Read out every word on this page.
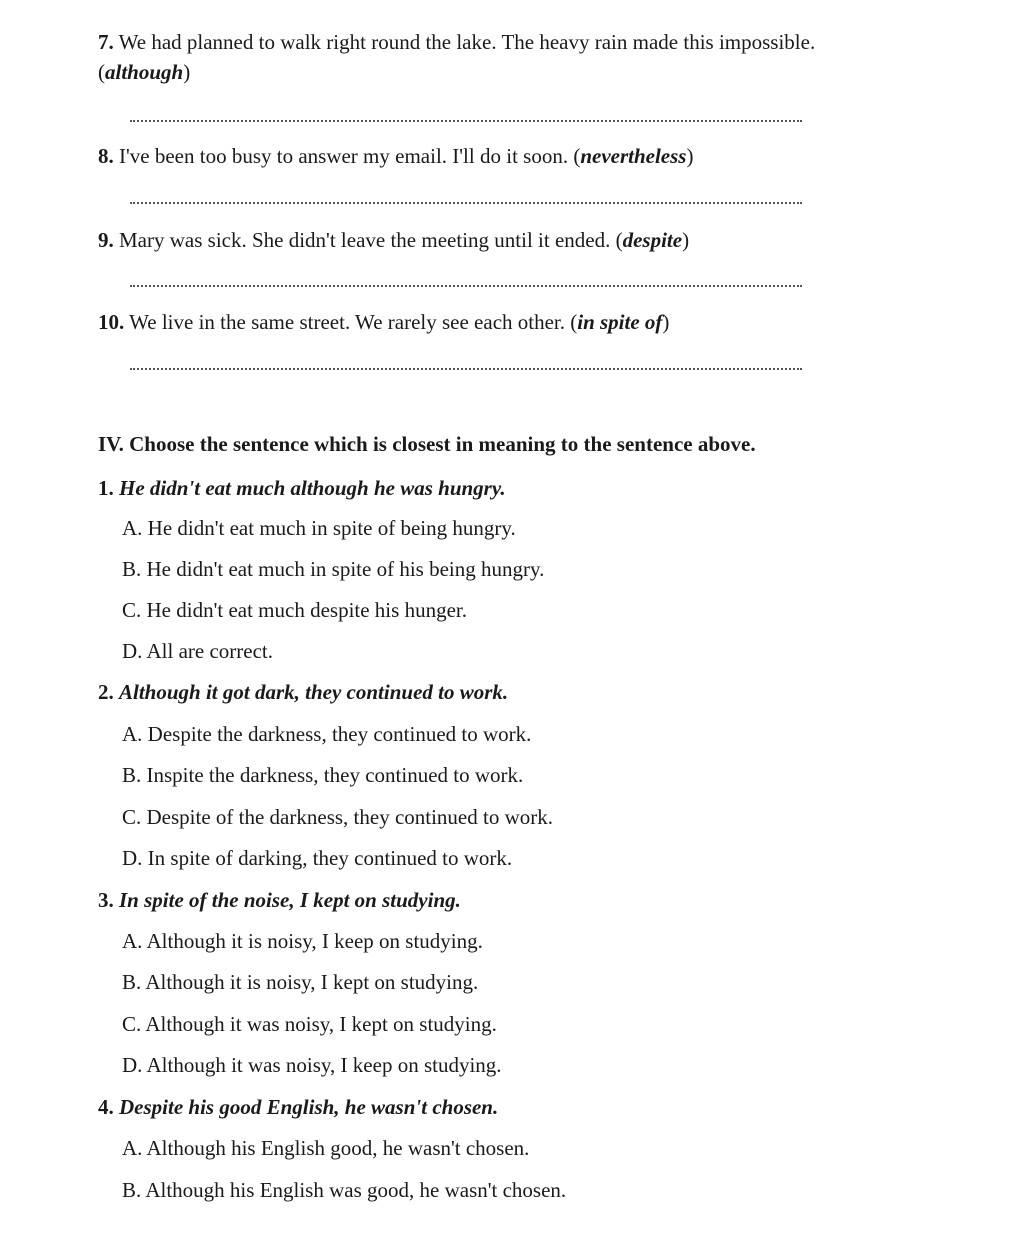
7. We had planned to walk right round the lake. The heavy rain made this impossible.
(although)
8. I've been too busy to answer my email. I'll do it soon. (nevertheless)
9. Mary was sick. She didn't leave the meeting until it ended. (despite)
10. We live in the same street. We rarely see each other. (in spite of)
IV. Choose the sentence which is closest in meaning to the sentence above.
1. He didn't eat much although he was hungry.
A. He didn't eat much in spite of being hungry.
B. He didn't eat much in spite of his being hungry.
C. He didn't eat much despite his hunger.
D. All are correct.
2. Although it got dark, they continued to work.
A. Despite the darkness, they continued to work.
B. Inspite the darkness, they continued to work.
C. Despite of the darkness, they continued to work.
D. In spite of darking, they continued to work.
3. In spite of the noise, I kept on studying.
A. Although it is noisy, I keep on studying.
B. Although it is noisy, I kept on studying.
C. Although it was noisy, I kept on studying.
D. Although it was noisy, I keep on studying.
4. Despite his good English, he wasn't chosen.
A. Although his English good, he wasn't chosen.
B. Although his English was good, he wasn't chosen.
